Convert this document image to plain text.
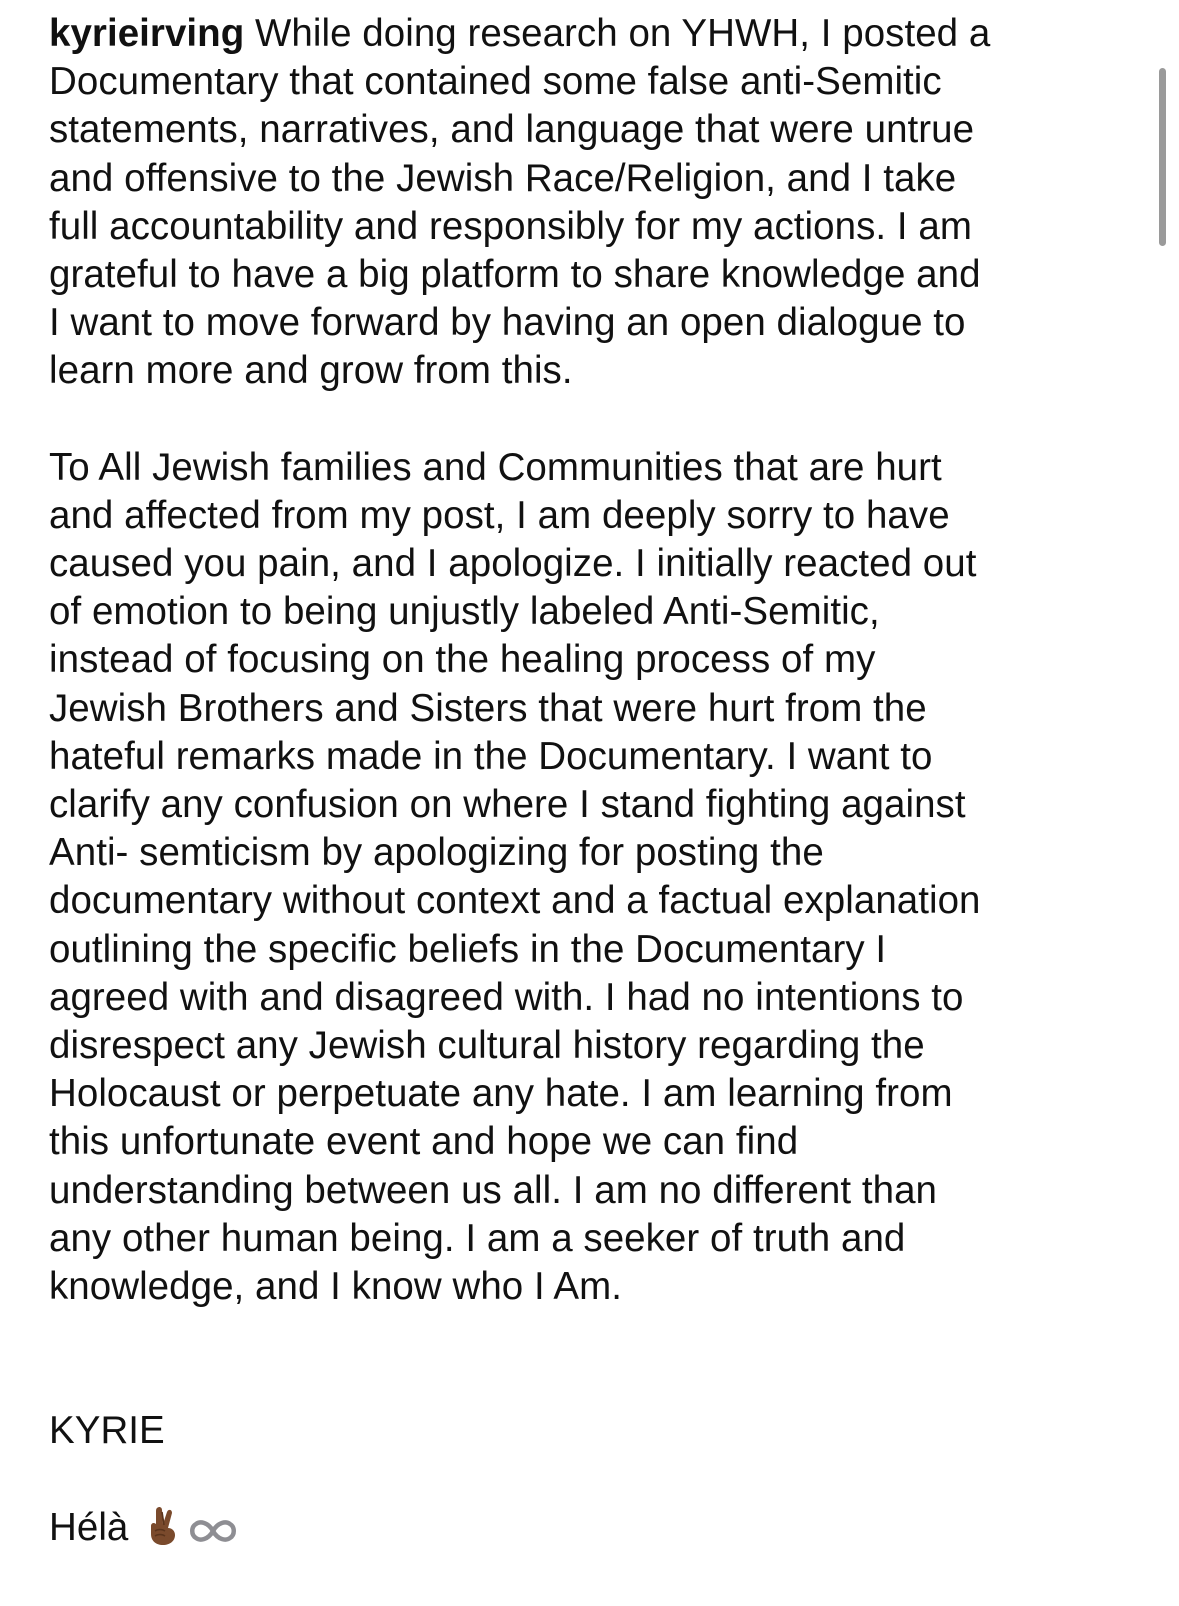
kyrieirving While doing research on YHWH, I posted a
Documentary that contained some false anti-Semitic
statements, narratives, and language that were untrue
and offensive to the Jewish Race/Religion, and I take
full accountability and responsibly for my actions. I am
grateful to have a big platform to share knowledge and
I want to move forward by having an open dialogue to
learn more and grow from this.

To All Jewish families and Communities that are hurt
and affected from my post, I am deeply sorry to have
caused you pain, and I apologize. I initially reacted out
of emotion to being unjustly labeled Anti-Semitic,
instead of focusing on the healing process of my
Jewish Brothers and Sisters that were hurt from the
hateful remarks made in the Documentary. I want to
clarify any confusion on where I stand fighting against
Anti- semticism by apologizing for posting the
documentary without context and a factual explanation
outlining the specific beliefs in the Documentary I
agreed with and disagreed with. I had no intentions to
disrespect any Jewish cultural history regarding the
Holocaust or perpetuate any hate. I am learning from
this unfortunate event and hope we can find
understanding between us all. I am no different than
any other human being. I am a seeker of truth and
knowledge, and I know who I Am.

KYRIE

Hélà
